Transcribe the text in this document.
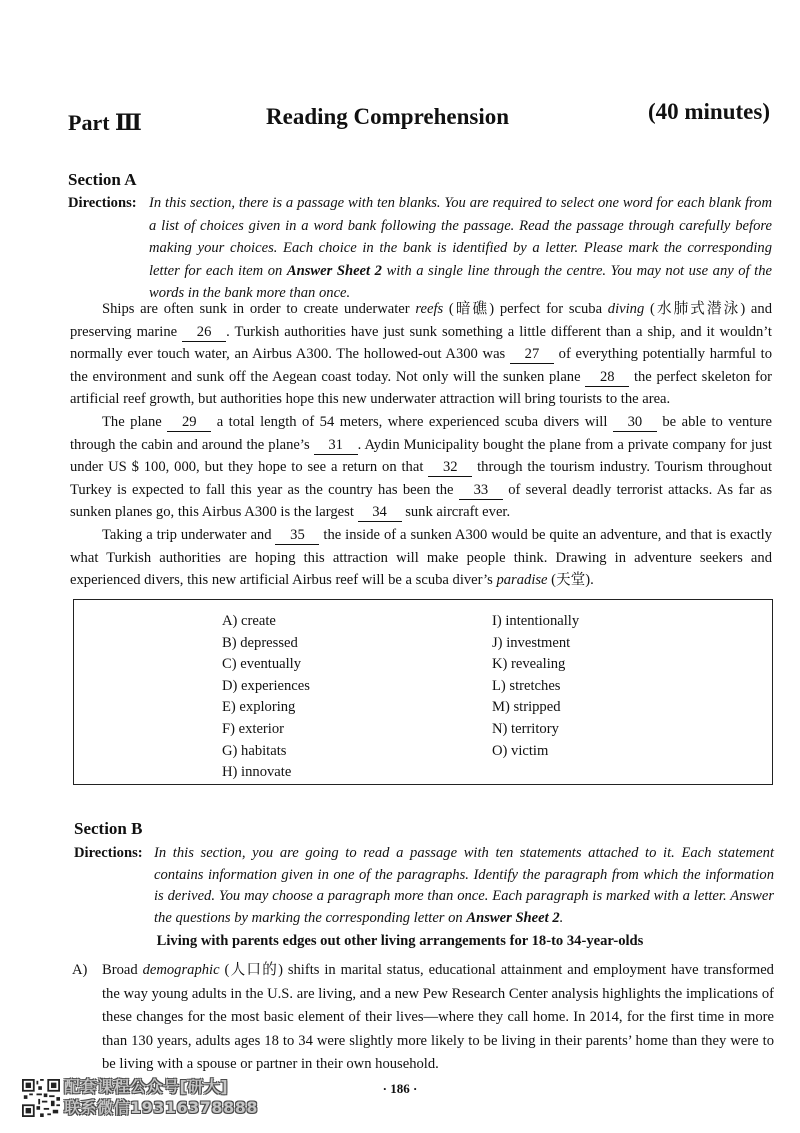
Part Ⅲ	Reading Comprehension	(40 minutes)
Section A
Directions: In this section, there is a passage with ten blanks. You are required to select one word for each blank from a list of choices given in a word bank following the passage. Read the passage through carefully before making your choices. Each choice in the bank is identified by a letter. Please mark the corresponding letter for each item on Answer Sheet 2 with a single line through the centre. You may not use any of the words in the bank more than once.

Ships are often sunk in order to create underwater reefs (暗礁) perfect for scuba diving (水肺式潜泳) and preserving marine 26 . Turkish authorities have just sunk something a little different than a ship, and it wouldn’t normally ever touch water, an Airbus A300. The hollowed-out A300 was 27 of everything potentially harmful to the environment and sunk off the Aegean coast today. Not only will the sunken plane 28 the perfect skeleton for artificial reef growth, but authorities hope this new underwater attraction will bring tourists to the area.

The plane 29 a total length of 54 meters, where experienced scuba divers will 30 be able to venture through the cabin and around the plane’s 31 . Aydin Municipality bought the plane from a private company for just under US $ 100, 000, but they hope to see a return on that 32 through the tourism industry. Tourism throughout Turkey is expected to fall this year as the country has been the 33 of several deadly terrorist attacks. As far as sunken planes go, this Airbus A300 is the largest 34 sunk aircraft ever.

Taking a trip underwater and 35 the inside of a sunken A300 would be quite an adventure, and that is exactly what Turkish authorities are hoping this attraction will make people think. Drawing in adventure seekers and experienced divers, this new artificial Airbus reef will be a scuba diver’s paradise (天堂).

A) create
B) depressed
C) eventually
D) experiences
E) exploring
F) exterior
G) habitats
H) innovate
I) intentionally
J) investment
K) revealing
L) stretches
M) stripped
N) territory
O) victim
Section B
Directions: In this section, you are going to read a passage with ten statements attached to it. Each statement contains information given in one of the paragraphs. Identify the paragraph from which the information is derived. You may choose a paragraph more than once. Each paragraph is marked with a letter. Answer the questions by marking the corresponding letter on Answer Sheet 2.
Living with parents edges out other living arrangements for 18-to 34-year-olds
A) Broad demographic (人口的) shifts in marital status, educational attainment and employment have transformed the way young adults in the U.S. are living, and a new Pew Research Center analysis highlights the implications of these changes for the most basic element of their lives—where they call home. In 2014, for the first time in more than 130 years, adults ages 18 to 34 were slightly more likely to be living in their parents’ home than they were to be living with a spouse or partner in their own household.
· 186 ·
配套课程公众号[研大]
联系微信19316378888
